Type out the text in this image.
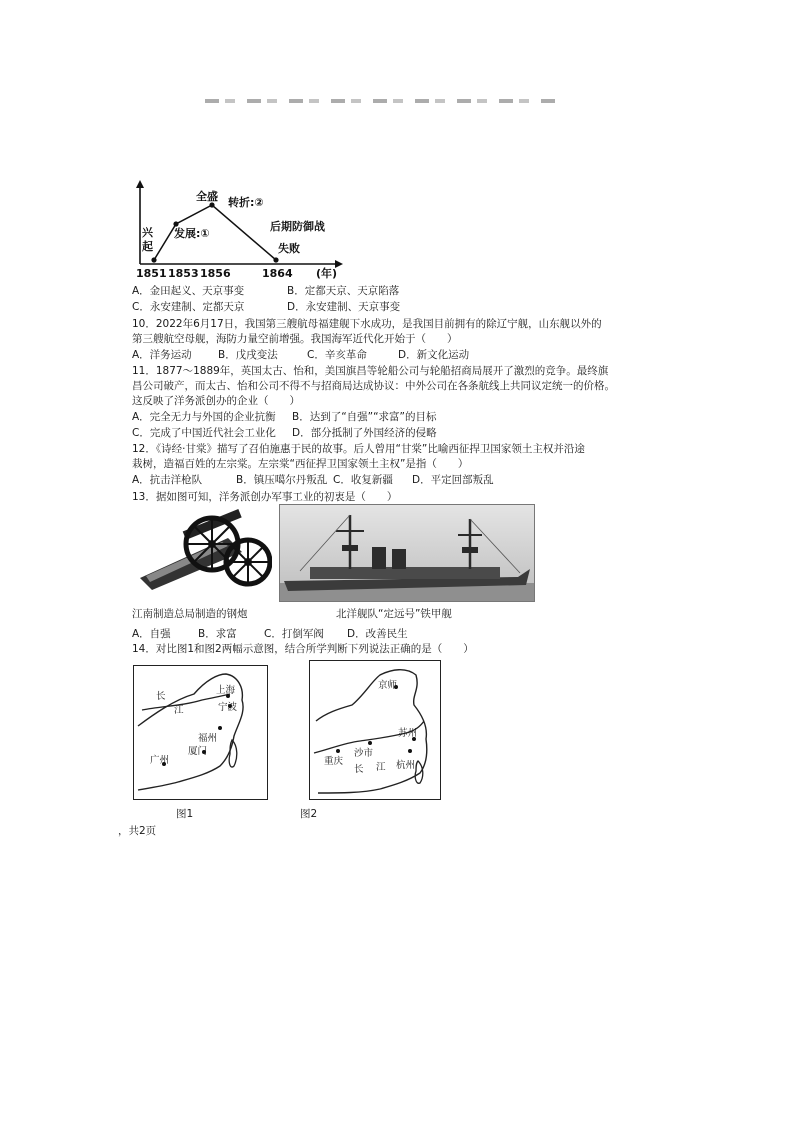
兴
起
发展:①
全盛 转折:②
后期防御战
失败
1851 1853 1856	1864 (年)
A．金田起义、天京事变	B．定都天京、天京陷落
C．永安建制、定都天京	D．永安建制、天京事变
10．2022年6月17日，我国第三艘航母福建舰下水成功，是我国目前拥有的除辽宁舰，山东舰以外的
第三艘航空母舰，海防力量空前增强。我国海军近代化开始于（　　）
A．洋务运动	B．戊戌变法	C．辛亥革命	D．新文化运动
11．1877～1889年，英国太古、怡和，美国旗昌等轮船公司与轮船招商局展开了激烈的竞争。最终旗
昌公司破产，而太古、怡和公司不得不与招商局达成协议：中外公司在各条航线上共同议定统一的价格。
这反映了洋务派创办的企业（　　）
A．完全无力与外国的企业抗衡 B．达到了“自强”“求富”的目标
C．完成了中国近代社会工业化 D．部分抵制了外国经济的侵略
12．《诗经·甘棠》描写了召伯施惠于民的故事。后人曾用“甘棠”比喻西征捍卫国家领土主权并沿途
栽树，造福百姓的左宗棠。左宗棠“西征捍卫国家领土主权”是指（　　）
A．抗击洋枪队	B．镇压噶尔丹叛乱 C．收复新疆 D．平定回部叛乱
13．据如图可知，洋务派创办军事工业的初衷是（　　）
江南制造总局制造的钢炮	北洋舰队“定远号”铁甲舰
A．自强	B．求富	C．打倒军阀 D．改善民生
14．对比图1和图2两幅示意图，结合所学判断下列说法正确的是（　　）
长
江
上海
宁波
福州
厦门
广州
图1
京师
沙市
苏州
重庆
长 江 杭州
图2
，共2页
